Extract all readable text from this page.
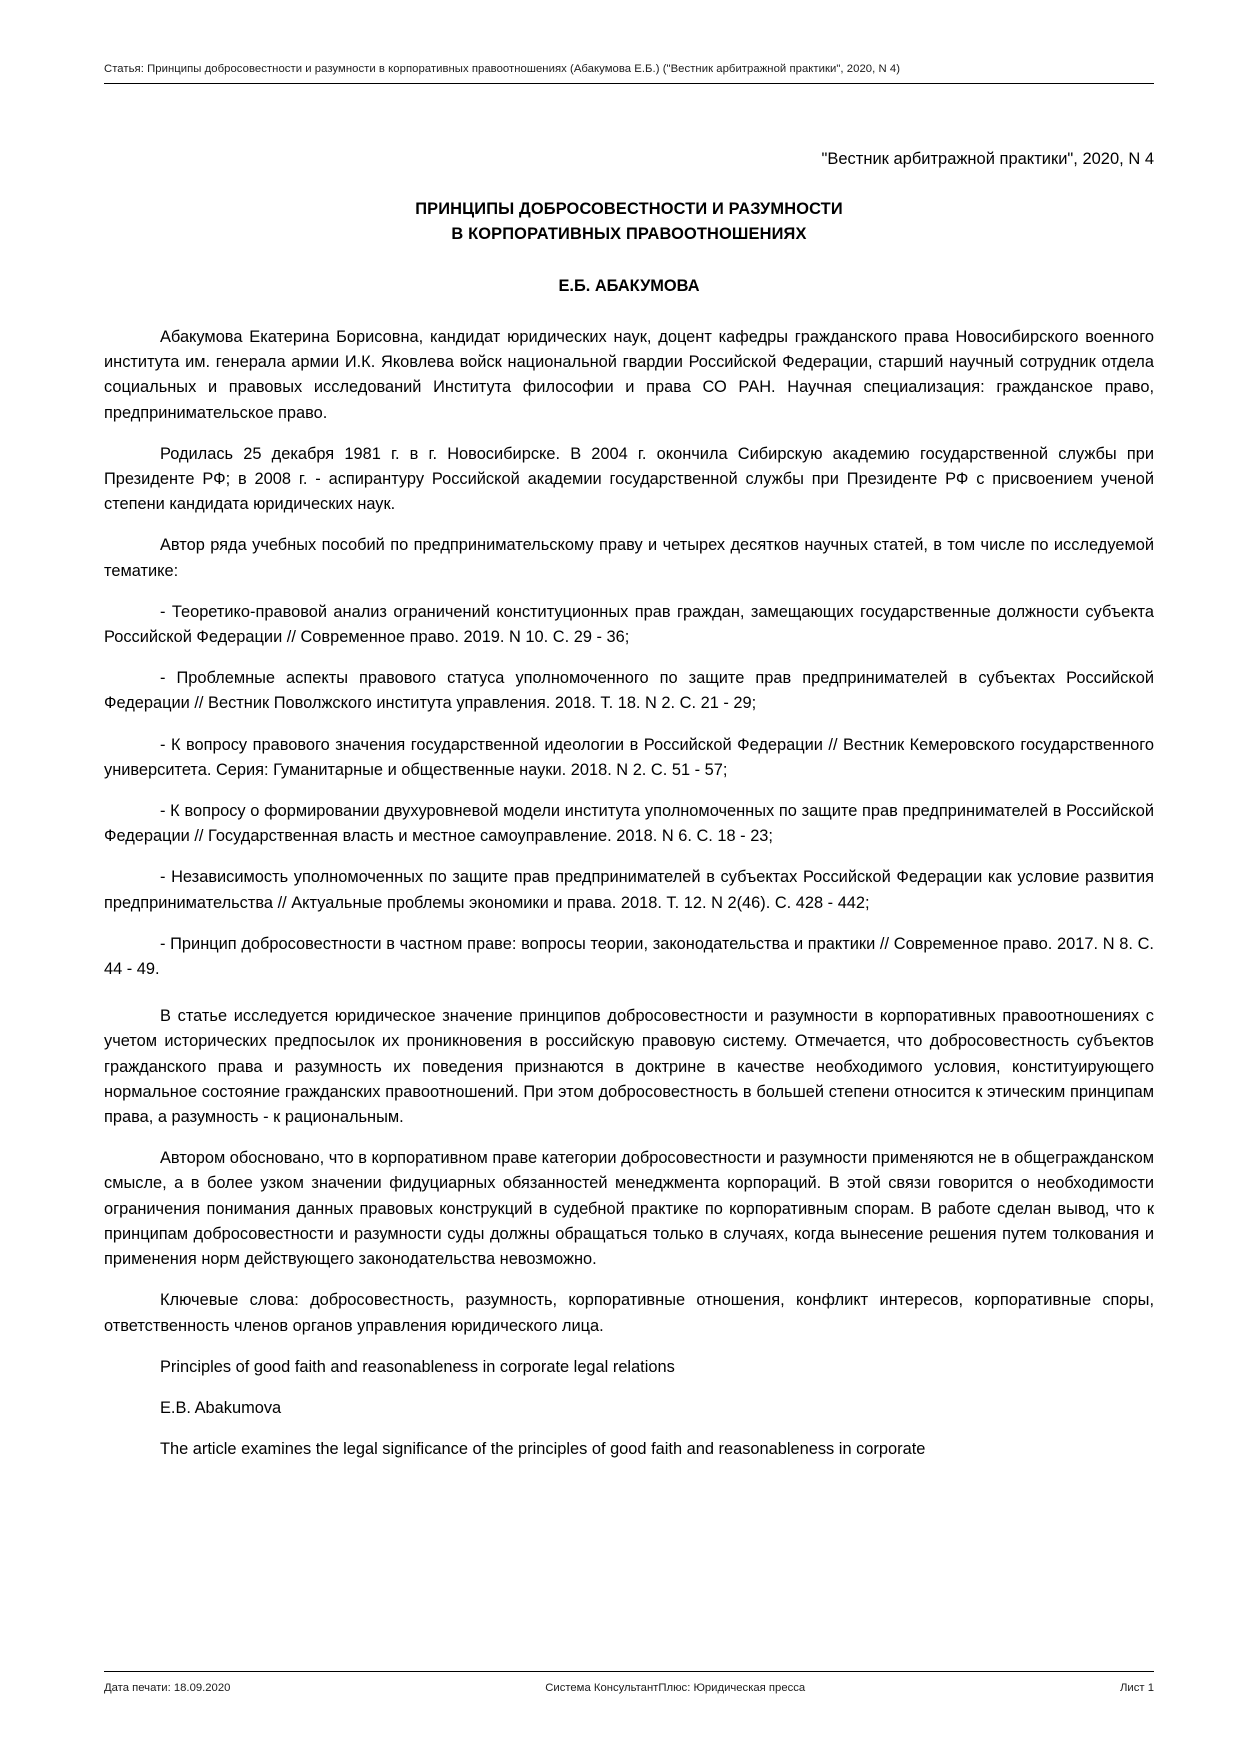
Статья: Принципы добросовестности и разумности в корпоративных правоотношениях (Абакумова Е.Б.) ("Вестник арбитражной практики", 2020, N 4)
"Вестник арбитражной практики", 2020, N 4
ПРИНЦИПЫ ДОБРОСОВЕСТНОСТИ И РАЗУМНОСТИ
В КОРПОРАТИВНЫХ ПРАВООТНОШЕНИЯХ
Е.Б. АБАКУМОВА

Абакумова Екатерина Борисовна, кандидат юридических наук, доцент кафедры гражданского права Новосибирского военного института им. генерала армии И.К. Яковлева войск национальной гвардии Российской Федерации, старший научный сотрудник отдела социальных и правовых исследований Института философии и права СО РАН. Научная специализация: гражданское право, предпринимательское право.

Родилась 25 декабря 1981 г. в г. Новосибирске. В 2004 г. окончила Сибирскую академию государственной службы при Президенте РФ; в 2008 г. - аспирантуру Российской академии государственной службы при Президенте РФ с присвоением ученой степени кандидата юридических наук.

Автор ряда учебных пособий по предпринимательскому праву и четырех десятков научных статей, в том числе по исследуемой тематике:

- Теоретико-правовой анализ ограничений конституционных прав граждан, замещающих государственные должности субъекта Российской Федерации // Современное право. 2019. N 10. С. 29 - 36;

- Проблемные аспекты правового статуса уполномоченного по защите прав предпринимателей в субъектах Российской Федерации // Вестник Поволжского института управления. 2018. Т. 18. N 2. С. 21 - 29;

- К вопросу правового значения государственной идеологии в Российской Федерации // Вестник Кемеровского государственного университета. Серия: Гуманитарные и общественные науки. 2018. N 2. С. 51 - 57;

- К вопросу о формировании двухуровневой модели института уполномоченных по защите прав предпринимателей в Российской Федерации // Государственная власть и местное самоуправление. 2018. N 6. С. 18 - 23;

- Независимость уполномоченных по защите прав предпринимателей в субъектах Российской Федерации как условие развития предпринимательства // Актуальные проблемы экономики и права. 2018. Т. 12. N 2(46). С. 428 - 442;

- Принцип добросовестности в частном праве: вопросы теории, законодательства и практики // Современное право. 2017. N 8. С. 44 - 49.

В статье исследуется юридическое значение принципов добросовестности и разумности в корпоративных правоотношениях с учетом исторических предпосылок их проникновения в российскую правовую систему. Отмечается, что добросовестность субъектов гражданского права и разумность их поведения признаются в доктрине в качестве необходимого условия, конституирующего нормальное состояние гражданских правоотношений. При этом добросовестность в большей степени относится к этическим принципам права, а разумность - к рациональным.

Автором обосновано, что в корпоративном праве категории добросовестности и разумности применяются не в общегражданском смысле, а в более узком значении фидуциарных обязанностей менеджмента корпораций. В этой связи говорится о необходимости ограничения понимания данных правовых конструкций в судебной практике по корпоративным спорам. В работе сделан вывод, что к принципам добросовестности и разумности суды должны обращаться только в случаях, когда вынесение решения путем толкования и применения норм действующего законодательства невозможно.

Ключевые слова: добросовестность, разумность, корпоративные отношения, конфликт интересов, корпоративные споры, ответственность членов органов управления юридического лица.

Principles of good faith and reasonableness in corporate legal relations

E.B. Abakumova

The article examines the legal significance of the principles of good faith and reasonableness in corporate

Дата печати: 18.09.2020	Система КонсультантПлюс: Юридическая пресса	Лист 1
